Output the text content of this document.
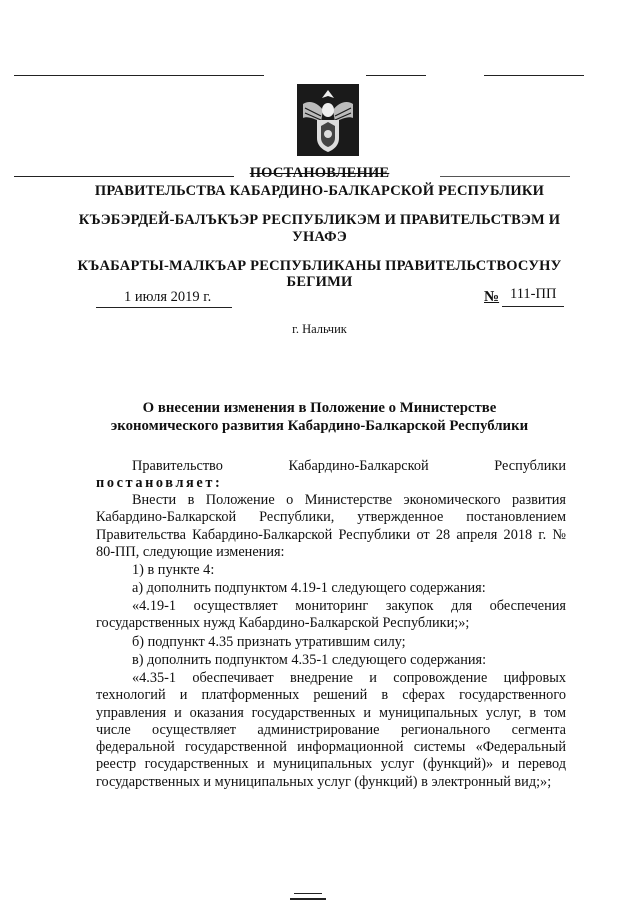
ПОСТАНОВЛЕНИЕ
ПРАВИТЕЛЬСТВА КАБАРДИНО-БАЛКАРСКОЙ РЕСПУБЛИКИ
КЪЭБЭРДЕЙ-БАЛЪКЪЭР РЕСПУБЛИКЭМ И ПРАВИТЕЛЬСТВЭМ И
УНАФЭ
КЪАБАРТЫ-МАЛКЪАР РЕСПУБЛИКАНЫ ПРАВИТЕЛЬСТВОСУНУ
БЕГИМИ
1 июля 2019 г.	№ 111-ПП
г. Нальчик
О внесении изменения в Положение о Министерстве
экономического развития Кабардино-Балкарской Республики
Правительство	Кабардино-Балкарской	Республики
постановляет:
Внести в Положение о Министерстве экономического развития Кабардино-Балкарской Республики, утвержденное постановлением Правительства Кабардино-Балкарской Республики от 28 апреля 2018 г. № 80-ПП, следующие изменения:
1) в пункте 4:
а) дополнить подпунктом 4.19-1 следующего содержания:
«4.19-1 осуществляет мониторинг закупок для обеспечения государственных нужд Кабардино-Балкарской Республики;»;
б) подпункт 4.35 признать утратившим силу;
в) дополнить подпунктом 4.35-1 следующего содержания:
«4.35-1 обеспечивает внедрение и сопровождение цифровых технологий и платформенных решений в сферах государственного управления и оказания государственных и муниципальных услуг, в том числе осуществляет администрирование регионального сегмента федеральной государственной информационной системы «Федеральный реестр государственных и муниципальных услуг (функций)» и перевод государственных и муниципальных услуг (функций) в электронный вид;»;
